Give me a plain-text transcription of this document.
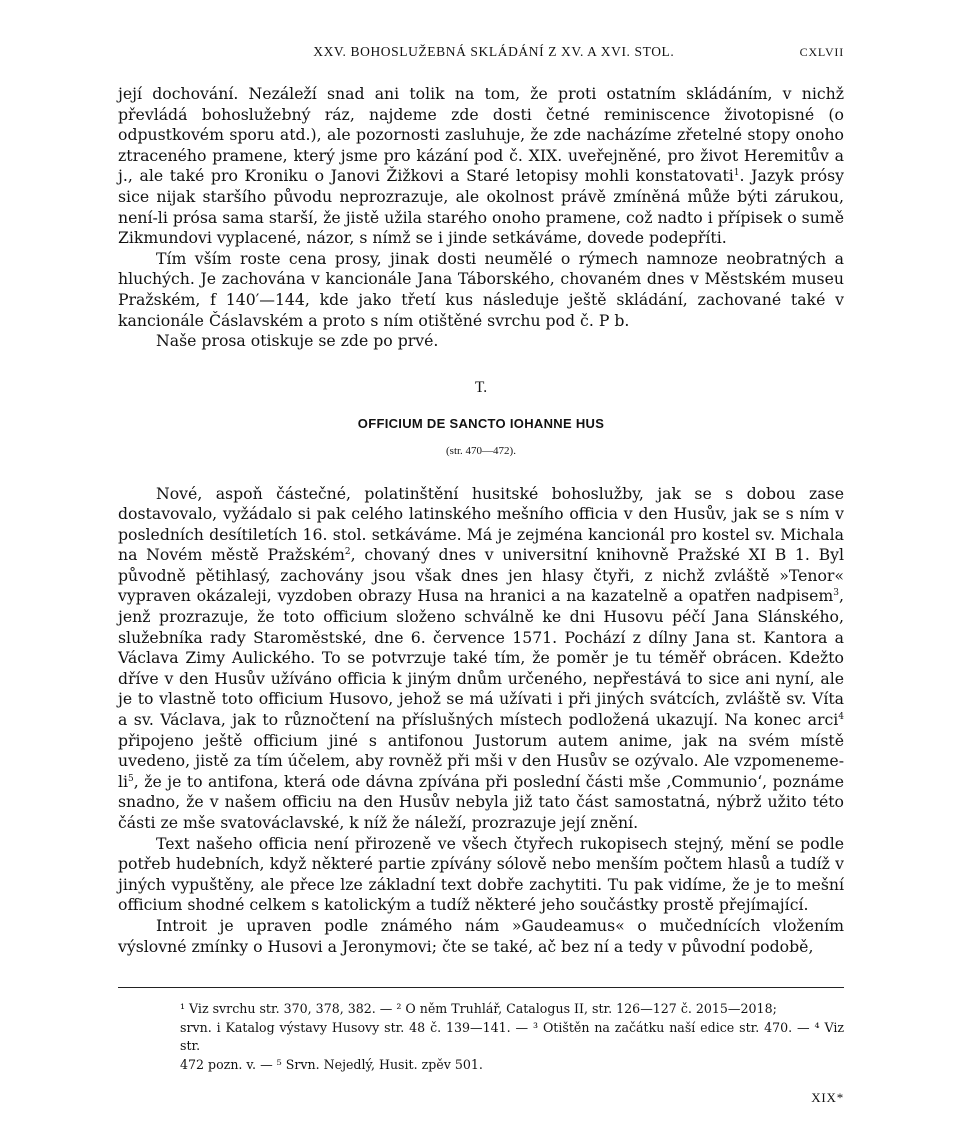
XXV. BOHOSLUŽEBNÁ SKLÁDÁNÍ Z XV. A XVI. STOL.	CXLVII

její dochování. Nezáleží snad ani tolik na tom, že proti ostatním skládáním, v nichž převládá bohoslužebný ráz, najdeme zde dosti četné reminiscence životopisné (o odpustkovém sporu atd.), ale pozornosti zasluhuje, že zde nacházíme zřetelné stopy onoho ztraceného pramene, který jsme pro kázání pod č. XIX. uveřejněné, pro život Heremitův a j., ale také pro Kroniku o Janovi Žižkovi a Staré letopisy mohli konstatovati$^1$. Jazyk prósy sice nijak staršího původu neprozrazuje, ale okolnost právě zmíněná může býti zárukou, není-li prósa sama starší, že jistě užila starého onoho pramene, což nadto i přípisek o sumě Zikmundovi vyplacené, názor, s nímž se i jinde setkáváme, dovede podepříti.

Tím vším roste cena prosy, jinak dosti neumělé o rýmech namnoze neobratných a hluchých. Je zachována v kancionále Jana Táborského, chovaném dnes v Městském museu Pražském, f 140′—144, kde jako třetí kus následuje ještě skládání, zachované také v kancionále Čáslavském a proto s ním otištěné svrchu pod č. P b.

Naše prosa otiskuje se zde po prvé.

T.
OFFICIUM DE SANCTO IOHANNE HUS
(str. 470—472).

Nové, aspoň částečné, polatinštění husitské bohoslužby, jak se s dobou zase dostavovalo, vyžádalo si pak celého latinského mešního officia v den Husův, jak se s ním v posledních desítiletích 16. stol. setkáváme. Má je zejména kancionál pro kostel sv. Michala na Novém městě Pražském$^2$, chovaný dnes v universitní knihovně Pražské XI B 1. Byl původně pětihlasý, zachovány jsou však dnes jen hlasy čtyři, z nichž zvláště »Tenor« vypraven okázaleji, vyzdoben obrazy Husa na hranici a na kazatelně a opatřen nadpisem$^3$, jenž prozrazuje, že toto officium složeno schválně ke dni Husovu péčí Jana Slánského, služebníka rady Staroměstské, dne 6. července 1571. Pochází z dílny Jana st. Kantora a Václava Zimy Aulického. To se potvrzuje také tím, že poměr je tu téměř obrácen. Kdežto dříve v den Husův užíváno officia k jiným dnům určeného, nepřestává to sice ani nyní, ale je to vlastně toto officium Husovo, jehož se má užívati i při jiných svátcích, zvláště sv. Víta a sv. Václava, jak to různočtení na příslušných místech podložená ukazují. Na konec arci$^4$ připojeno ještě officium jiné s antifonou Justorum autem anime, jak na svém místě uvedeno, jistě za tím účelem, aby rovněž při mši v den Husův se ozývalo. Ale vzpomeneme-$li^5$, že je to antifona, která ode dávna zpívána při poslední části mše ‚Communio‘, poznáme snadno, že v našem officiu na den Husův nebyla již tato část samostatná, nýbrž užito této části ze mše svatováclavské, k níž že náleží, prozrazuje její znění.

Text našeho officia není přirozeně ve všech čtyřech rukopisech stejný, mění se podle potřeb hudebních, když některé partie zpívány sólově nebo menším počtem hlasů a tudíž v jiných vypuštěny, ale přece lze základní text dobře zachytiti. Tu pak vidíme, že je to mešní officium shodné celkem s katolickým a tudíž některé jeho součástky prostě přejímající.

Introit je upraven podle známého nám »Gaudeamus« o mučednících vložením výslovné zmínky o Husovi a Jeronymovi; čte se také, ač bez ní a tedy v původní podobě,

¹ Viz svrchu str. 370, 378, 382. — ² O něm Truhlář, Catalogus II, str. 126—127 č. 2015—2018;

srvn. i Katalog výstavy Husovy str. 48 č. 139—141. — ³ Otištěn na začátku naší edice str. 470. — ⁴ Viz str.

472 pozn. v. — ⁵ Srvn. Nejedlý, Husit. zpěv 501.

XIX*
